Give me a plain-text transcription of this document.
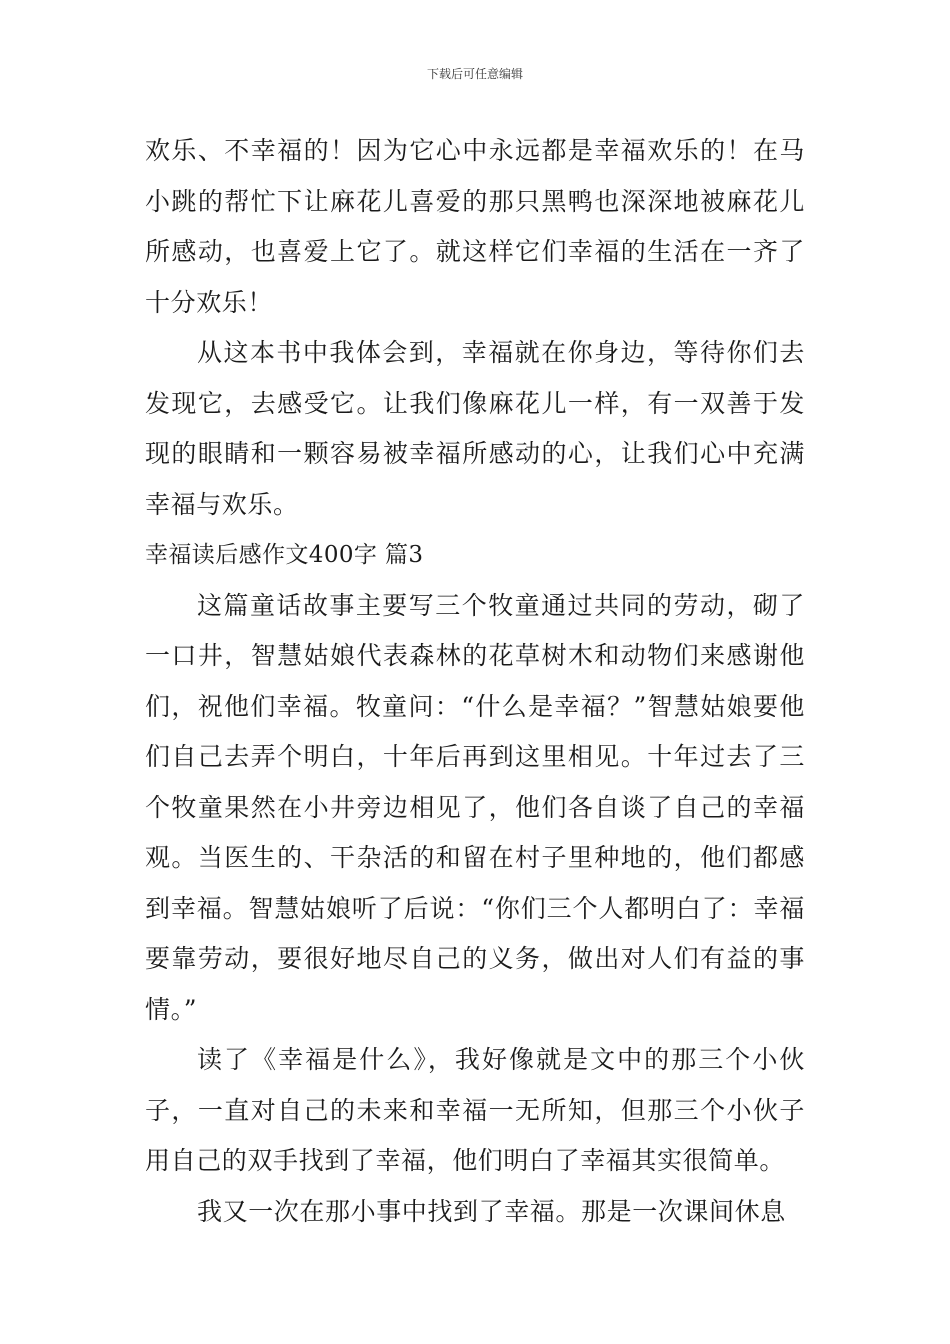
下载后可任意编辑

欢乐、不幸福的！因为它心中永远都是幸福欢乐的！在马小跳的帮忙下让麻花儿喜爱的那只黑鸭也深深地被麻花儿所感动，也喜爱上它了。就这样它们幸福的生活在一齐了十分欢乐！

从这本书中我体会到，幸福就在你身边，等待你们去发现它，去感受它。让我们像麻花儿一样，有一双善于发现的眼睛和一颗容易被幸福所感动的心，让我们心中充满幸福与欢乐。

幸福读后感作文400字 篇3

这篇童话故事主要写三个牧童通过共同的劳动，砌了一口井，智慧姑娘代表森林的花草树木和动物们来感谢他们，祝他们幸福。牧童问：“什么是幸福？”智慧姑娘要他们自己去弄个明白，十年后再到这里相见。十年过去了三个牧童果然在小井旁边相见了，他们各自谈了自己的幸福观。当医生的、干杂活的和留在村子里种地的，他们都感到幸福。智慧姑娘听了后说：“你们三个人都明白了：幸福要靠劳动，要很好地尽自己的义务，做出对人们有益的事情。”

读了《幸福是什么》，我好像就是文中的那三个小伙子，一直对自己的未来和幸福一无所知，但那三个小伙子用自己的双手找到了幸福，他们明白了幸福其实很简单。

我又一次在那小事中找到了幸福。那是一次课间休息
